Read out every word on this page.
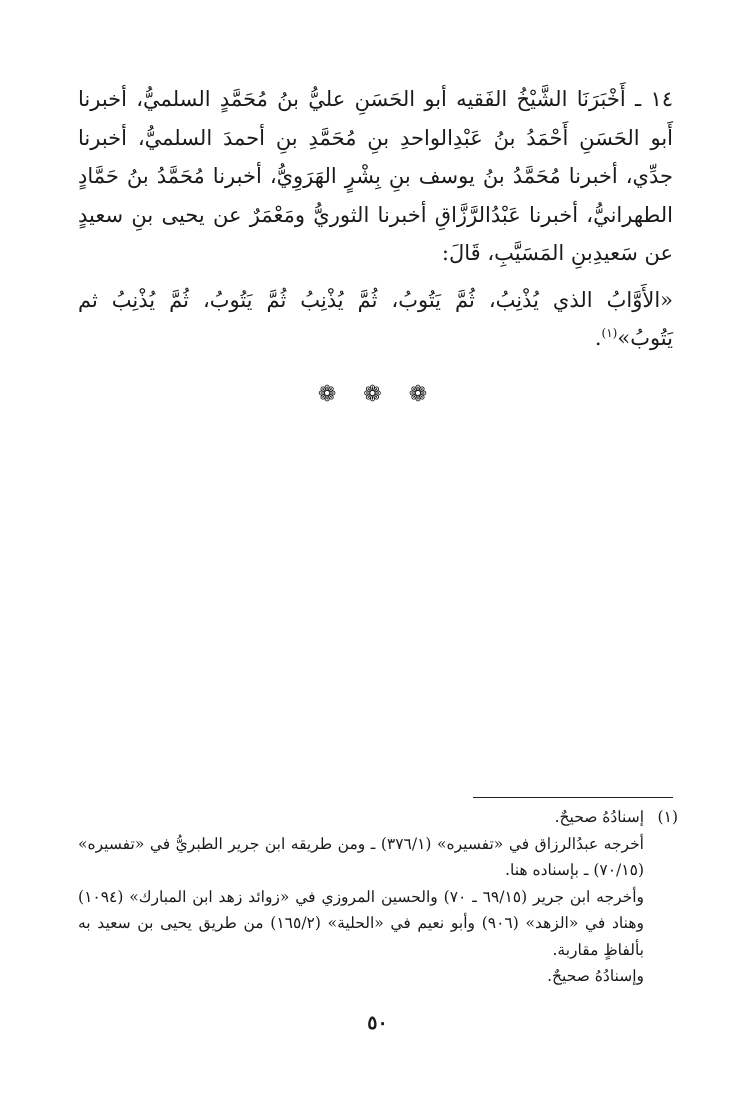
١٤ ـ أَخْبَرَنَا الشَّيْخُ الفَقيه أبو الحَسَنِ عليُّ بنُ مُحَمَّدٍ السلميُّ، أخبرنا أَبو الحَسَنِ أَحْمَدُ بنُ عَبْدِالواحدِ بنِ مُحَمَّدِ بنِ أحمدَ السلميُّ، أخبرنا جدِّي، أخبرنا مُحَمَّدُ بنُ يوسف بنِ بِشْرٍ الهَرَوِيُّ، أخبرنا مُحَمَّدُ بنُ حَمَّادٍ الطهرانيُّ، أخبرنا عَبْدُالرَّزَّاقِ أخبرنا الثوريُّ ومَعْمَرٌ عن يحيى بنِ سعيدٍ عن سَعيدِبنِ المَسَيَّبِ، قَالَ:

«الأَوَّابُ الذي يُذْنِبُ، ثُمَّ يَتُوبُ، ثُمَّ يُذْنِبُ ثُمَّ يَتُوبُ، ثُمَّ يُذْنِبُ ثم يَتُوبُ»$^{(١)}$.

❁ ❁ ❁
(١)

إسنادُهُ صحيحٌ.

أخرجه عبدُالرزاق في «تفسيره» (٣٧٦/١) ـ ومن طريقه ابن جرير الطبريُّ في «تفسيره» (٧٠/١٥) ـ بإسناده هنا.

وأخرجه ابن جرير (٦٩/١٥ ـ ٧٠) والحسين المروزي في «زوائد زهد ابن المبارك» (١٠٩٤) وهناد في «الزهد» (٩٠٦) وأبو نعيم في «الحلية» (١٦٥/٢) من طريق يحيى بن سعيد به بألفاظٍ مقاربة.

وإسنادُهُ صحيحٌ.

٥٠
